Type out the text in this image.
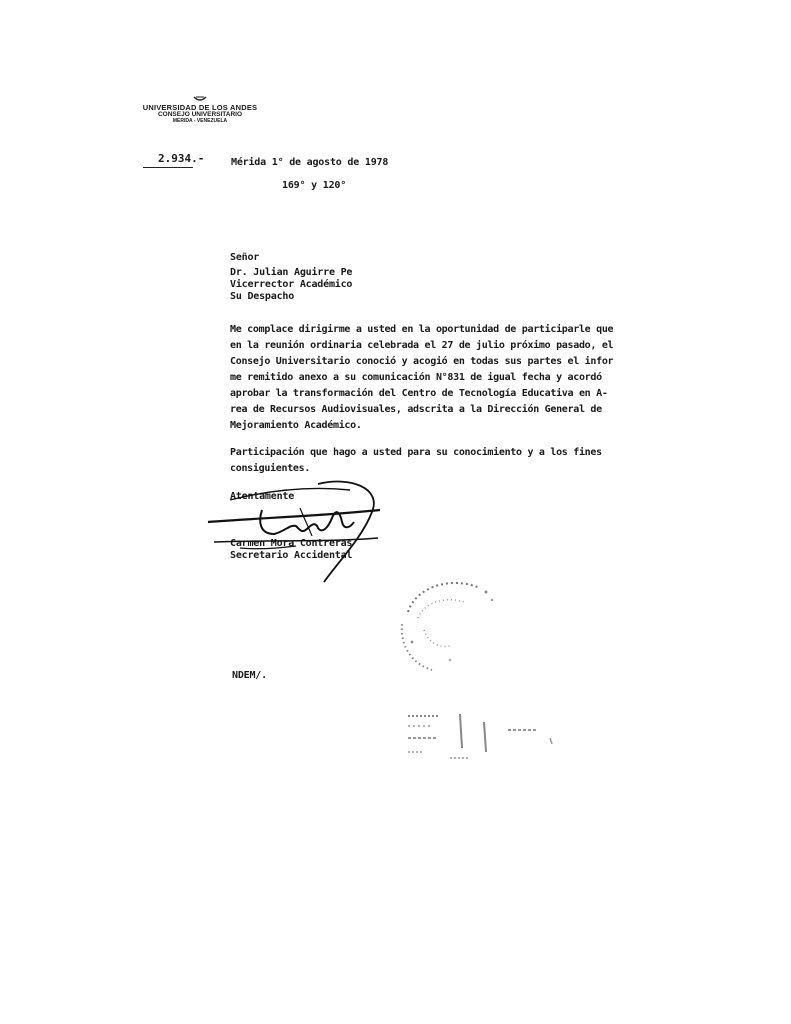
UNIVERSIDAD DE LOS ANDES
CONSEJO UNIVERSITARIO
MERIDA - VENEZUELA
2.934.-	Mérida 1° de agosto de 1978
169° y 120°
Señor
Dr. Julian Aguirre Pe
Vicerrector Académico
Su Despacho
Me complace dirigirme a usted en la oportunidad de participarle que
en la reunión ordinaria celebrada el 27 de julio próximo pasado, el
Consejo Universitario conoció y acogió en todas sus partes el infor
me remitido anexo a su comunicación N°831 de igual fecha y acordó
aprobar la transformación del Centro de Tecnología Educativa en A-
rea de Recursos Audiovisuales, adscrita a la Dirección General de
Mejoramiento Académico.
Participación que hago a usted para su conocimiento y a los fines
consiguientes.
Atentamente
Carmen Mora Contreras
Secretario Accidental
NDEM/.
